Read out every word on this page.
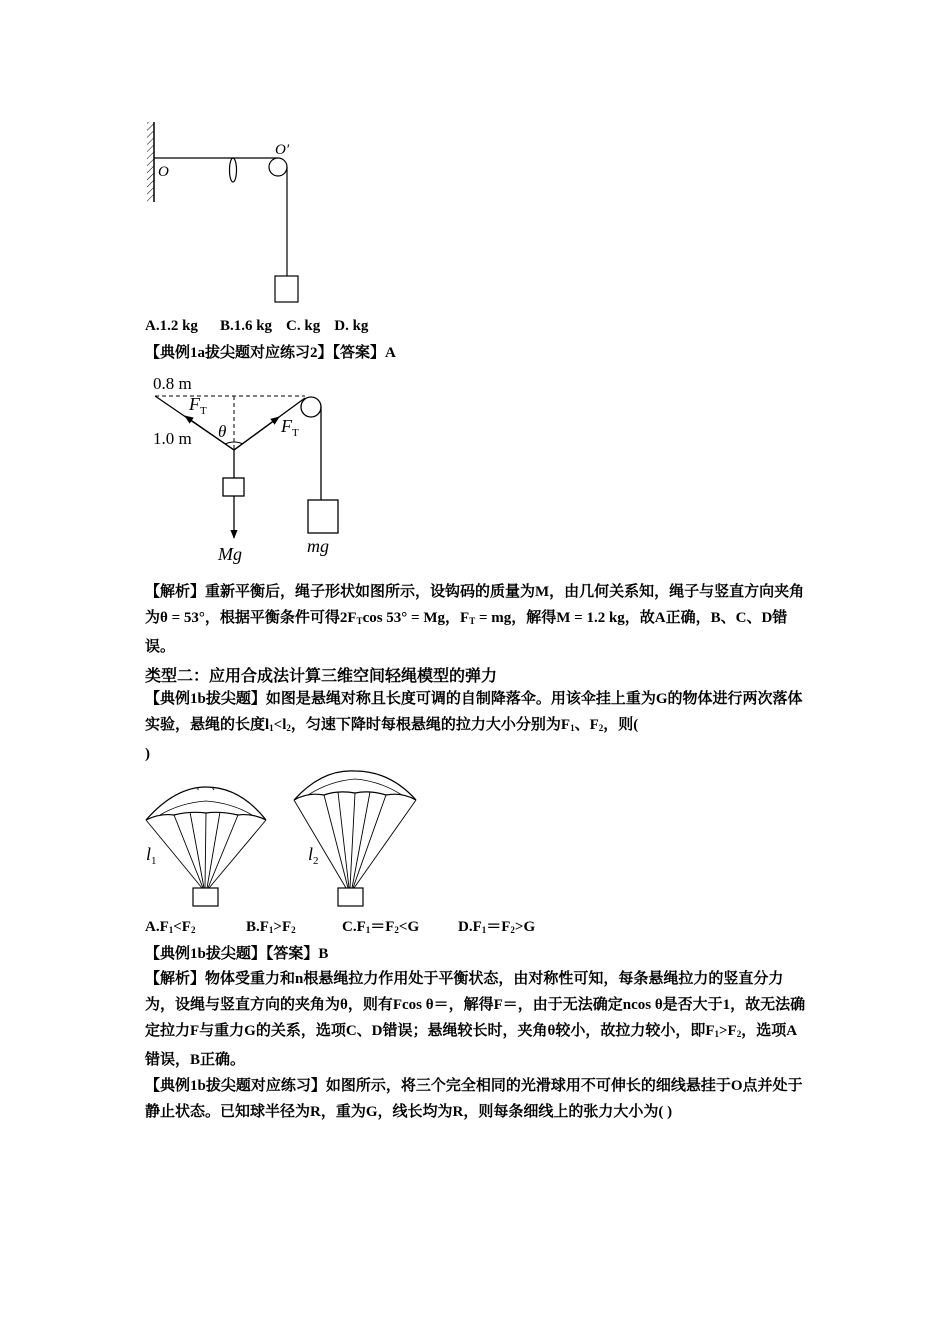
O
O′
A.1.2 kg B.1.6 kg C. kg D. kg
【典例1a拔尖题对应练习2】【答案】A
0.8 m
1.0 m
$F_T$
$F_T$
θ
Mg	mg
【解析】重新平衡后，绳子形状如图所示，设钩码的质量为M，由几何关系知，绳子与竖直方向夹角为θ = 53°，根据平衡条件可得$2F_T\cos$ 53° = Mg，$F_T$ = mg，解得M = 1.2 kg，故A正确，B、C、D错误。
类型二：应用合成法计算三维空间轻绳模型的弹力
【典例1b拔尖题】如图是悬绳对称且长度可调的自制降落伞。用该伞挂上重为G的物体进行两次落体实验，悬绳的长度$l_1<l_2$，匀速下降时每根悬绳的拉力大小分别为$F_1$、$F_2$，则(
)
$l_1$	$l_2$
$A.F_1<F_2$	$B.F_1>F_2$	$C.F_1=F_2<G$	$D.F_1=F_2>G$
【典例1b拔尖题】【答案】B
【解析】物体受重力和n根悬绳拉力作用处于平衡状态，由对称性可知，每条悬绳拉力的竖直分力为，设绳与竖直方向的夹角为θ，则有Fcos θ＝，解得F＝，由于无法确定ncos θ是否大于1，故无法确定拉力F与重力G的关系，选项C、D错误；悬绳较长时，夹角θ较小，故拉力较小，即$F_1>F_2$，选项A错误，B正确。
【典例1b拔尖题对应练习】如图所示，将三个完全相同的光滑球用不可伸长的细线悬挂于O点并处于静止状态。已知球半径为R，重为G，线长均为R，则每条细线上的张力大小为( )
